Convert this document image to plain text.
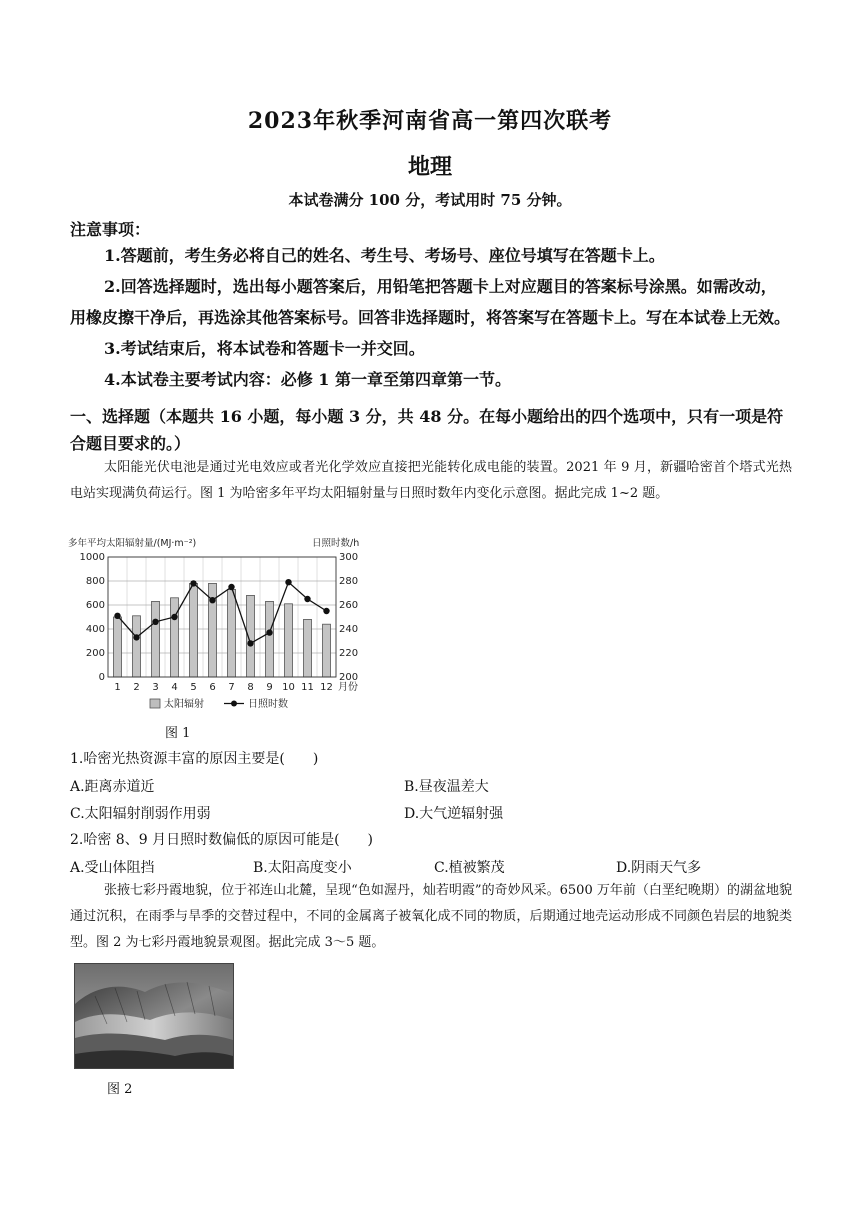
2023年秋季河南省高一第四次联考
地理
本试卷满分 100 分，考试用时 75 分钟。
注意事项：
1.答题前，考生务必将自己的姓名、考生号、考场号、座位号填写在答题卡上。
2.回答选择题时，选出每小题答案后，用铅笔把答题卡上对应题目的答案标号涂黑。如需改动，用橡皮擦干净后，再选涂其他答案标号。回答非选择题时，将答案写在答题卡上。写在本试卷上无效。
3.考试结束后，将本试卷和答题卡一并交回。
4.本试卷主要考试内容：必修 1 第一章至第四章第一节。
一、选择题（本题共 16 小题，每小题 3 分，共 48 分。在每小题给出的四个选项中，只有一项是符合题目要求的。）
太阳能光伏电池是通过光电效应或者光化学效应直接把光能转化成电能的装置。2021 年 9 月，新疆哈密首个塔式光热电站实现满负荷运行。图 1 为哈密多年平均太阳辐射量与日照时数年内变化示意图。据此完成 1~2 题。
多年平均太阳辐射量/(MJ·m⁻²)	日照时数/h
0
200
400
600
800
1000
200
220
240
260
280
300
1 2 3 4 5 6 7 8 9 10 11 12 月份
太阳辐射	日照时数
图 1
1.哈密光热资源丰富的原因主要是(　　)
A.距离赤道近	B.昼夜温差大
C.太阳辐射削弱作用弱	D.大气逆辐射强
2.哈密 8、9 月日照时数偏低的原因可能是(　　)
A.受山体阻挡	B.太阳高度变小	C.植被繁茂	D.阴雨天气多
张掖七彩丹霞地貌，位于祁连山北麓，呈现“色如渥丹，灿若明霞”的奇妙风采。6500 万年前（白垩纪晚期）的湖盆地貌通过沉积，在雨季与旱季的交替过程中，不同的金属离子被氧化成不同的物质，后期通过地壳运动形成不同颜色岩层的地貌类型。图 2 为七彩丹霞地貌景观图。据此完成 3～5 题。
图 2
